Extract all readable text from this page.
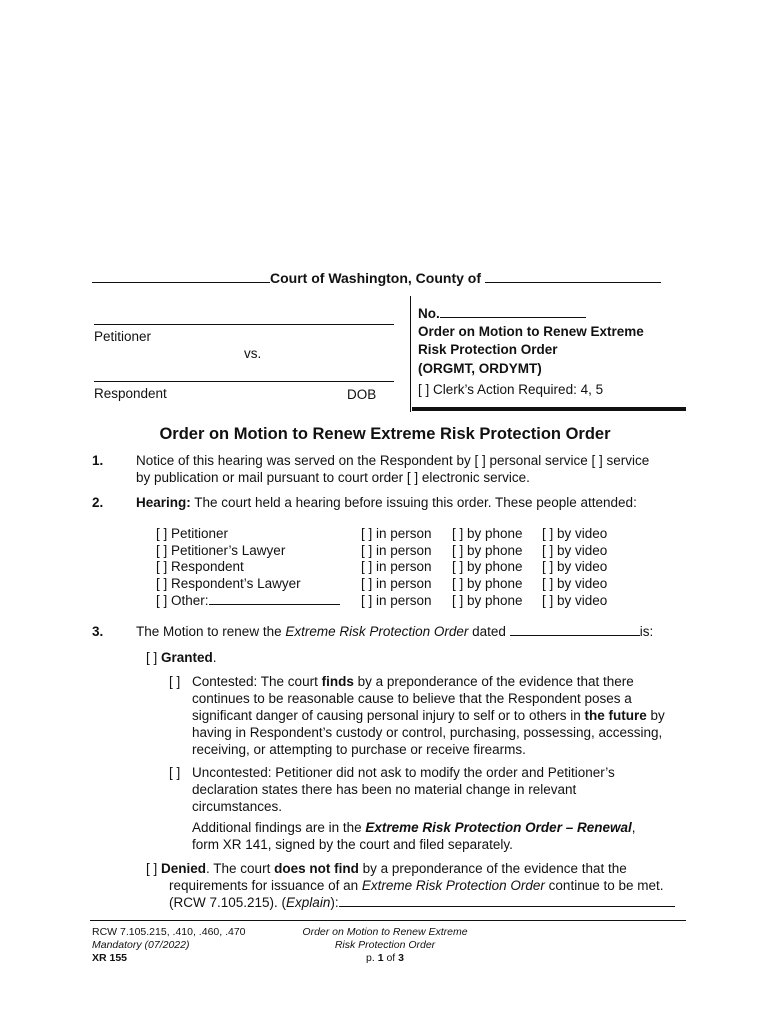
Court of Washington, County of
Petitioner
vs.
Respondent	DOB
No.
Order on Motion to Renew Extreme
Risk Protection Order
(ORGMT, ORDYMT)
[ ] Clerk’s Action Required: 4, 5
Order on Motion to Renew Extreme Risk Protection Order
1. Notice of this hearing was served on the Respondent by [ ] personal service [ ] service
by publication or mail pursuant to court order [ ] electronic service.
2. Hearing: The court held a hearing before issuing this order. These people attended:
[ ] Petitioner	[ ] in person	[ ] by phone	[ ] by video
[ ] Petitioner’s Lawyer	[ ] in person	[ ] by phone	[ ] by video
[ ] Respondent	[ ] in person	[ ] by phone	[ ] by video
[ ] Respondent’s Lawyer	[ ] in person	[ ] by phone	[ ] by video
[ ] Other:	[ ] in person	[ ] by phone	[ ] by video
3. The Motion to renew the Extreme Risk Protection Order dated	is:
[ ] Granted.
[ ] Contested: The court finds by a preponderance of the evidence that there
continues to be reasonable cause to believe that the Respondent poses a
significant danger of causing personal injury to self or to others in the future by
having in Respondent’s custody or control, purchasing, possessing, accessing,
receiving, or attempting to purchase or receive firearms.
[ ] Uncontested: Petitioner did not ask to modify the order and Petitioner’s
declaration states there has been no material change in relevant
circumstances.
Additional findings are in the Extreme Risk Protection Order – Renewal,
form XR 141, signed by the court and filed separately.
[ ] Denied. The court does not find by a preponderance of the evidence that the
requirements for issuance of an Extreme Risk Protection Order continue to be met.
(RCW 7.105.215). (Explain):
RCW 7.105.215, .410, .460, .470
Mandatory (07/2022)
XR 155
Order on Motion to Renew Extreme
Risk Protection Order
p. 1 of 3
